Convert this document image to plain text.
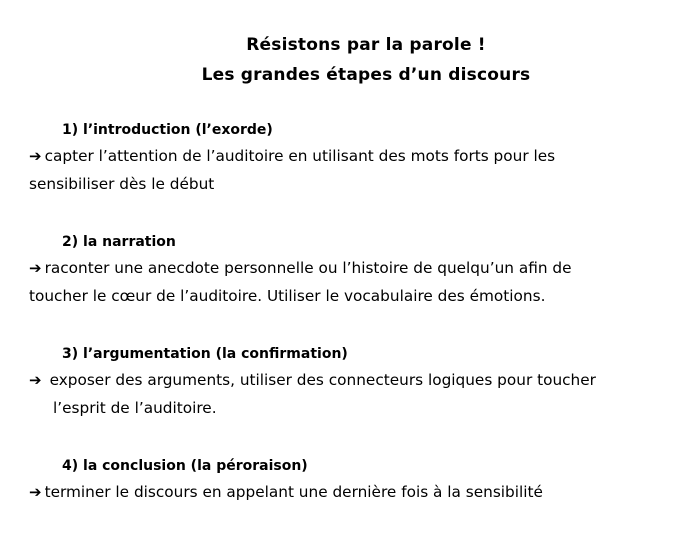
Résistons par la parole !
Les grandes étapes d’un discours
1) l’introduction (l’exorde)
➔ capter l’attention de l’auditoire en utilisant des mots forts pour les
sensibiliser dès le début
2) la narration
➔ raconter une anecdote personnelle ou l’histoire de quelqu’un afin de
toucher le cœur de l’auditoire. Utiliser le vocabulaire des émotions.
3) l’argumentation (la confirmation)
➔ exposer des arguments, utiliser des connecteurs logiques pour toucher
l’esprit de l’auditoire.
4) la conclusion (la péroraison)
➔ terminer le discours en appelant une dernière fois à la sensibilité
